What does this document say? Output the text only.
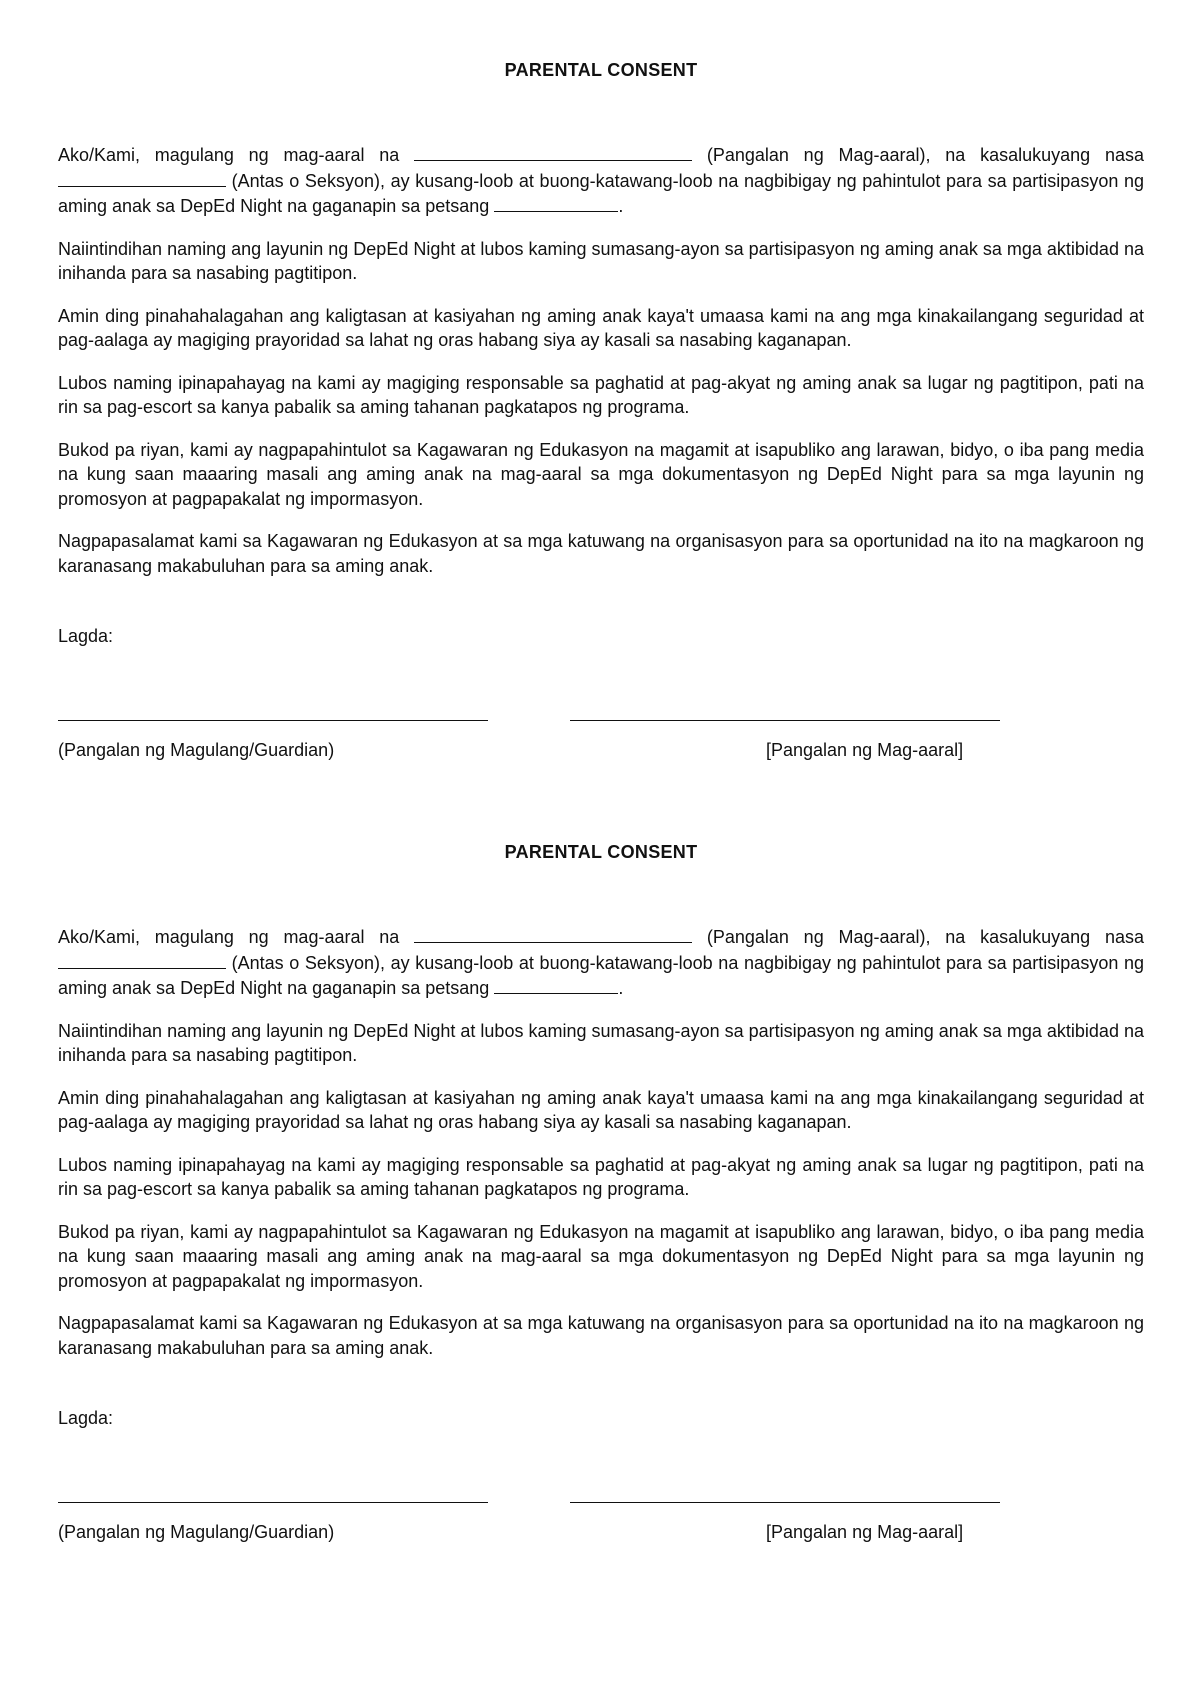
PARENTAL CONSENT

Ako/Kami, magulang ng mag-aaral na	(Pangalan ng Mag-aaral), na kasalukuyang nasa  (Antas o Seksyon), ay kusang-loob at buong-katawang-loob na nagbibigay ng pahintulot para sa partisipasyon ng aming anak sa DepEd Night na gaganapin sa petsang	.

Naiintindihan naming ang layunin ng DepEd Night at lubos kaming sumasang-ayon sa partisipasyon ng aming anak sa mga aktibidad na inihanda para sa nasabing pagtitipon.

Amin ding pinahahalagahan ang kaligtasan at kasiyahan ng aming anak kaya't umaasa kami na ang mga kinakailangang seguridad at pag-aalaga ay magiging prayoridad sa lahat ng oras habang siya ay kasali sa nasabing kaganapan.

Lubos naming ipinapahayag na kami ay magiging responsable sa paghatid at pag-akyat ng aming anak sa lugar ng pagtitipon, pati na rin sa pag-escort sa kanya pabalik sa aming tahanan pagkatapos ng programa.

Bukod pa riyan, kami ay nagpapahintulot sa Kagawaran ng Edukasyon na magamit at isapubliko ang larawan, bidyo, o iba pang media na kung saan maaaring masali ang aming anak na mag-aaral sa mga dokumentasyon ng DepEd Night para sa mga layunin ng promosyon at pagpapakalat ng impormasyon.

Nagpapasalamat kami sa Kagawaran ng Edukasyon at sa mga katuwang na organisasyon para sa oportunidad na ito na magkaroon ng karanasang makabuluhan para sa aming anak.

Lagda:
(Pangalan ng Magulang/Guardian)	[Pangalan ng Mag-aaral]
PARENTAL CONSENT

Ako/Kami, magulang ng mag-aaral na	(Pangalan ng Mag-aaral), na kasalukuyang nasa  (Antas o Seksyon), ay kusang-loob at buong-katawang-loob na nagbibigay ng pahintulot para sa partisipasyon ng aming anak sa DepEd Night na gaganapin sa petsang	.

Naiintindihan naming ang layunin ng DepEd Night at lubos kaming sumasang-ayon sa partisipasyon ng aming anak sa mga aktibidad na inihanda para sa nasabing pagtitipon.

Amin ding pinahahalagahan ang kaligtasan at kasiyahan ng aming anak kaya't umaasa kami na ang mga kinakailangang seguridad at pag-aalaga ay magiging prayoridad sa lahat ng oras habang siya ay kasali sa nasabing kaganapan.

Lubos naming ipinapahayag na kami ay magiging responsable sa paghatid at pag-akyat ng aming anak sa lugar ng pagtitipon, pati na rin sa pag-escort sa kanya pabalik sa aming tahanan pagkatapos ng programa.

Bukod pa riyan, kami ay nagpapahintulot sa Kagawaran ng Edukasyon na magamit at isapubliko ang larawan, bidyo, o iba pang media na kung saan maaaring masali ang aming anak na mag-aaral sa mga dokumentasyon ng DepEd Night para sa mga layunin ng promosyon at pagpapakalat ng impormasyon.

Nagpapasalamat kami sa Kagawaran ng Edukasyon at sa mga katuwang na organisasyon para sa oportunidad na ito na magkaroon ng karanasang makabuluhan para sa aming anak.

Lagda:
(Pangalan ng Magulang/Guardian)	[Pangalan ng Mag-aaral]
